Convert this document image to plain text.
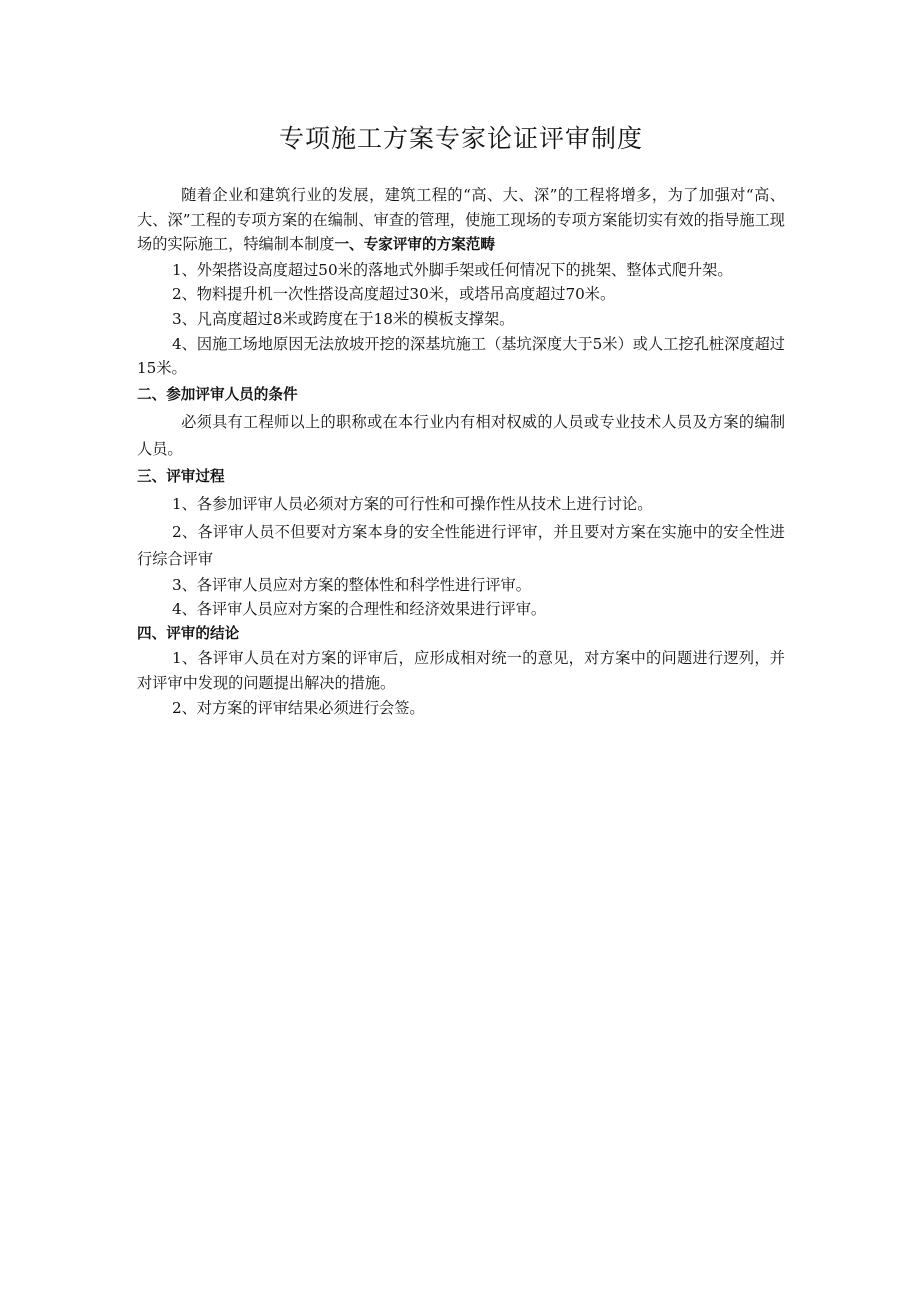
专项施工方案专家论证评审制度

随着企业和建筑行业的发展，建筑工程的“高、大、深”的工程将增多，为了加强对“高、大、深”工程的专项方案的在编制、审查的管理，使施工现场的专项方案能切实有效的指导施工现场的实际施工，特编制本制度一、专家评审的方案范畴

1、外架搭设高度超过50米的落地式外脚手架或任何情况下的挑架、整体式爬升架。

2、物料提升机一次性搭设高度超过30米，或塔吊高度超过70米。

3、凡高度超过8米或跨度在于18米的模板支撑架。

4、因施工场地原因无法放坡开挖的深基坑施工（基坑深度大于5米）或人工挖孔桩深度超过15米。

二、参加评审人员的条件

必须具有工程师以上的职称或在本行业内有相对权威的人员或专业技术人员及方案的编制人员。

三、评审过程

1、各参加评审人员必须对方案的可行性和可操作性从技术上进行讨论。

2、各评审人员不但要对方案本身的安全性能进行评审，并且要对方案在实施中的安全性进行综合评审

3、各评审人员应对方案的整体性和科学性进行评审。

4、各评审人员应对方案的合理性和经济效果进行评审。

四、评审的结论

1、各评审人员在对方案的评审后，应形成相对统一的意见，对方案中的问题进行逻列，并对评审中发现的问题提出解决的措施。

2、对方案的评审结果必须进行会签。
